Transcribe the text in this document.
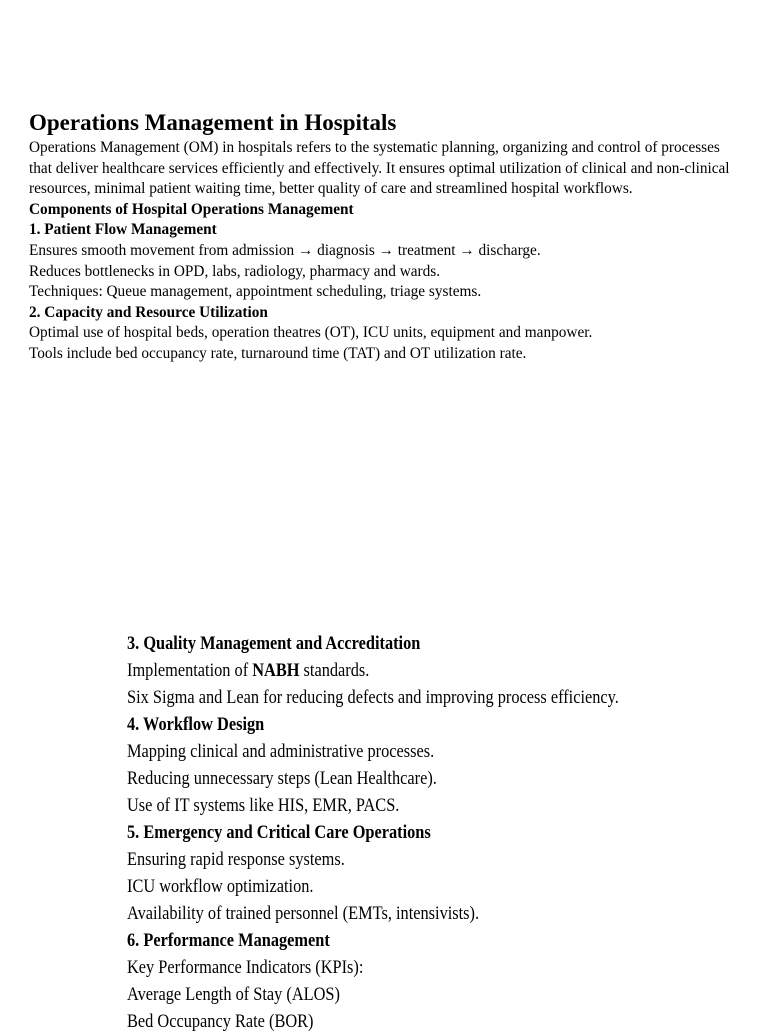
Operations Management in Hospitals

Operations Management (OM) in hospitals refers to the systematic planning, organizing and control of processes that deliver healthcare services efficiently and effectively. It ensures optimal utilization of clinical and non-clinical resources, minimal patient waiting time, better quality of care and streamlined hospital workflows.

Components of Hospital Operations Management

1. Patient Flow Management

Ensures smooth movement from admission → diagnosis → treatment → discharge.

Reduces bottlenecks in OPD, labs, radiology, pharmacy and wards.

Techniques: Queue management, appointment scheduling, triage systems.

2. Capacity and Resource Utilization

Optimal use of hospital beds, operation theatres (OT), ICU units, equipment and manpower.

Tools include bed occupancy rate, turnaround time (TAT) and OT utilization rate.

3. Quality Management and Accreditation

Implementation of NABH standards.

Six Sigma and Lean for reducing defects and improving process efficiency.

4. Workflow Design

Mapping clinical and administrative processes.

Reducing unnecessary steps (Lean Healthcare).

Use of IT systems like HIS, EMR, PACS.

5. Emergency and Critical Care Operations

Ensuring rapid response systems.

ICU workflow optimization.

Availability of trained personnel (EMTs, intensivists).

6. Performance Management

Key Performance Indicators (KPIs):

Average Length of Stay (ALOS)

Bed Occupancy Rate (BOR)
